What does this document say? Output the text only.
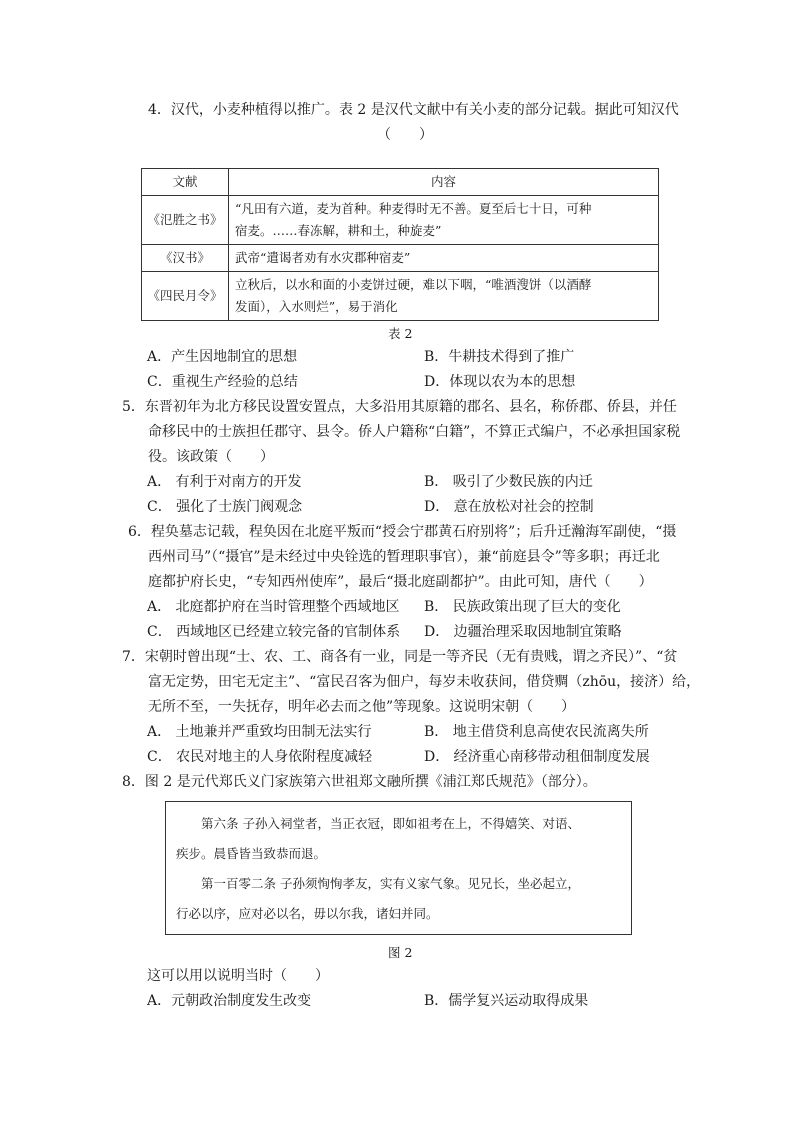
4．汉代，小麦种植得以推广。表 2 是汉代文献中有关小麦的部分记载。据此可知汉代
（　　）
文献	内容
《氾胜之书》	“凡田有六道，麦为首种。种麦得时无不善。夏至后七十日，可种
宿麦。……春冻解，耕和土，种旋麦”

《汉书》	武帝“遣谒者劝有水灾郡种宿麦”

《四民月令》	立秋后，以水和面的小麦饼过硬，难以下咽，“唯酒溲饼（以酒酵
发面），入水则烂”，易于消化
表 2
A．产生因地制宜的思想	B．牛耕技术得到了推广
C．重视生产经验的总结	D．体现以农为本的思想
5．东晋初年为北方移民设置安置点，大多沿用其原籍的郡名、县名，称侨郡、侨县，并任
命移民中的士族担任郡守、县令。侨人户籍称“白籍”，不算正式编户，不必承担国家税
役。该政策（　　）
A． 有利于对南方的开发	B． 吸引了少数民族的内迁
C． 强化了士族门阀观念	D． 意在放松对社会的控制
6．程奂墓志记载，程奂因在北庭平叛而“授会宁郡黄石府别将”；后升迁瀚海军副使，“摄
西州司马”（“摄官”是未经过中央铨选的暂理职事官），兼“前庭县令”等多职；再迁北
庭都护府长史，“专知西州使库”，最后“摄北庭副都护”。由此可知，唐代（　　）
A． 北庭都护府在当时管理整个西域地区 B． 民族政策出现了巨大的变化
C． 西域地区已经建立较完备的官制体系 D． 边疆治理采取因地制宜策略
7．宋朝时曾出现“士、农、工、商各有一业，同是一等齐民（无有贵贱，谓之齐民）”、“贫
富无定势，田宅无定主”、“富民召客为佃户，每岁未收获间，借贷赒（zhōu，接济）给，
无所不至，一失抚存，明年必去而之他”等现象。这说明宋朝（　　）
A． 土地兼并严重致均田制无法实行	B． 地主借贷利息高使农民流离失所
C． 农民对地主的人身依附程度减轻	D． 经济重心南移带动租佃制度发展
8．图 2 是元代郑氏义门家族第六世祖郑文融所撰《浦江郑氏规范》（部分）。
第六条 子孙入祠堂者，当正衣冠，即如祖考在上，不得嬉笑、对语、
疾步。晨昏皆当致恭而退。
第一百零二条 子孙须恂恂孝友，实有义家气象。见兄长，坐必起立，
行必以序，应对必以名，毋以尔我，诸妇并同。
图 2
这可以用以说明当时（　　）
A．元朝政治制度发生改变	B．儒学复兴运动取得成果
